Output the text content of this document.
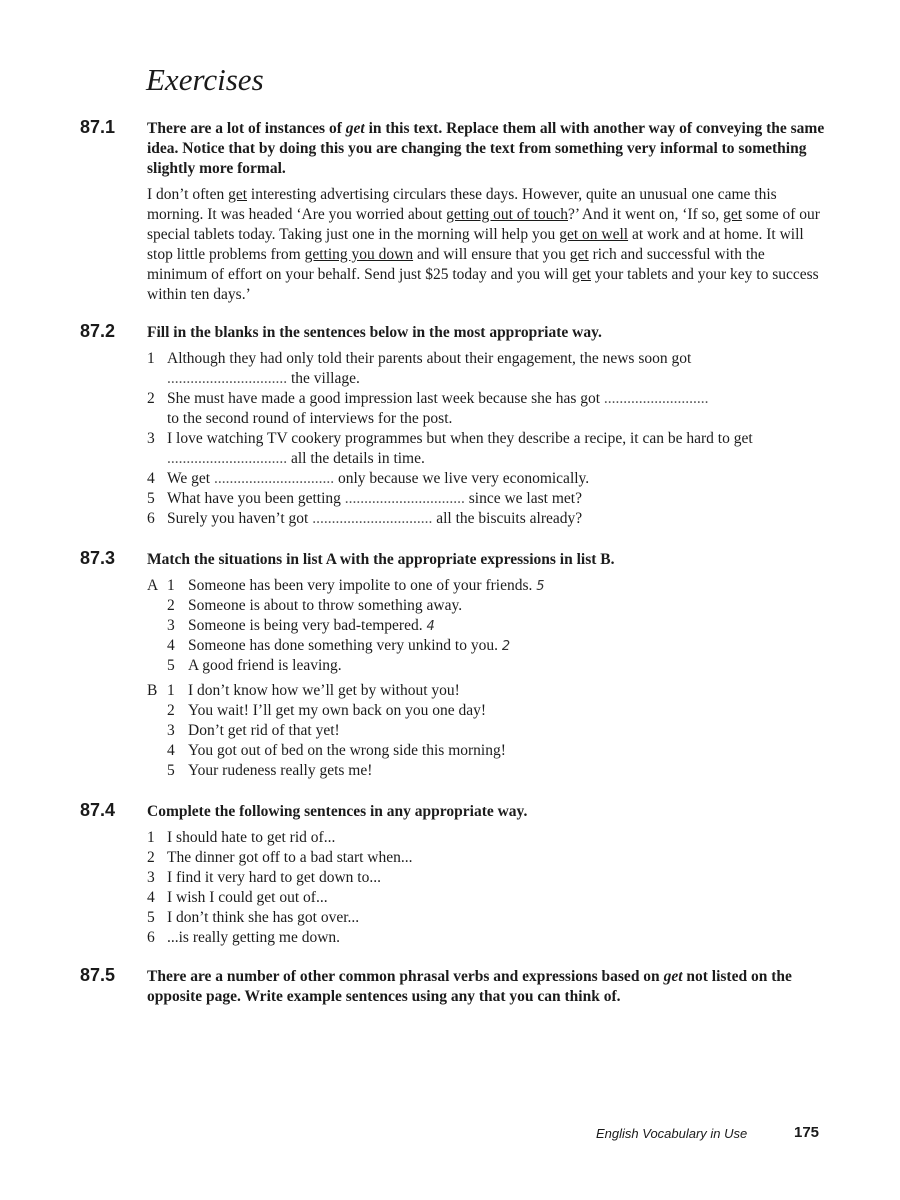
Exercises
87.1 There are a lot of instances of get in this text. Replace them all with another way of conveying the same idea. Notice that by doing this you are changing the text from something very informal to something slightly more formal.

I don’t often get interesting advertising circulars these days. However, quite an unusual one came this morning. It was headed ‘Are you worried about getting out of touch?’ And it went on, ‘If so, get some of our special tablets today. Taking just one in the morning will help you get on well at work and at home. It will stop little problems from getting you down and will ensure that you get rich and successful with the minimum of effort on your behalf. Send just $25 today and you will get your tablets and your key to success within ten days.’

87.2 Fill in the blanks in the sentences below in the most appropriate way.

1 Although they had only told their parents about their engagement, the news soon got
............................... the village.
2 She must have made a good impression last week because she has got ...........................
to the second round of interviews for the post.
3 I love watching TV cookery programmes but when they describe a recipe, it can be hard to get ............................... all the details in time.
4 We get ............................... only because we live very economically.
5 What have you been getting ............................... since we last met?
6 Surely you haven’t got ............................... all the biscuits already?
87.3 Match the situations in list A with the appropriate expressions in list B.

A 1 Someone has been very impolite to one of your friends. 5
2 Someone is about to throw something away.
3 Someone is being very bad-tempered. 4
4 Someone has done something very unkind to you. 2
5 A good friend is leaving.
B 1 I don’t know how we’ll get by without you!
2 You wait! I’ll get my own back on you one day!
3 Don’t get rid of that yet!
4 You got out of bed on the wrong side this morning!
5 Your rudeness really gets me!
87.4 Complete the following sentences in any appropriate way.

1 I should hate to get rid of...
2 The dinner got off to a bad start when...
3 I find it very hard to get down to...
4 I wish I could get out of...
5 I don’t think she has got over...
6 ...is really getting me down.
87.5 There are a number of other common phrasal verbs and expressions based on get not listed on the opposite page. Write example sentences using any that you can think of.

English Vocabulary in Use	175
